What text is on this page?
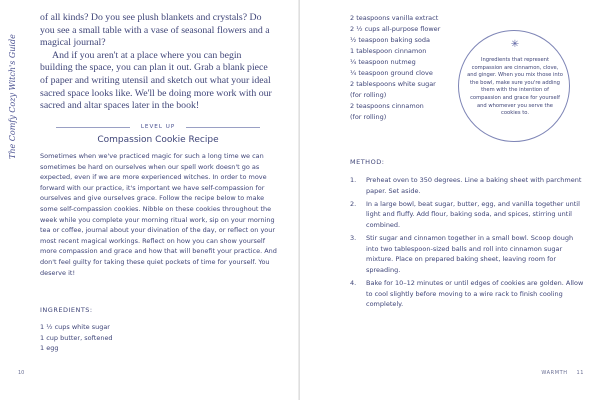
The Comfy Cozy Witch's Guide

of all kinds? Do you see plush blankets and crystals? Do you see a small table with a vase of seasonal flowers and a magical journal?

And if you aren't at a place where you can begin building the space, you can plan it out. Grab a blank piece of paper and writing utensil and sketch out what your ideal sacred space looks like. We'll be doing more work with our sacred and altar spaces later in the book!

LEVEL UP
Compassion Cookie Recipe
Sometimes when we've practiced magic for such a long time we can sometimes be hard on ourselves when our spell work doesn't go as expected, even if we are more experienced witches. In order to move forward with our practice, it's important we have self-compassion for ourselves and give ourselves grace. Follow the recipe below to make some self-compassion cookies. Nibble on these cookies throughout the week while you complete your morning ritual work, sip on your morning tea or coffee, journal about your divination of the day, or reflect on your most recent magical workings. Reflect on how you can show yourself more compassion and grace and how that will benefit your practice. And don't feel guilty for taking these quiet pockets of time for yourself. You deserve it!
INGREDIENTS:
1 ½ cups white sugar
1 cup butter, softened
1 egg
10	WARMTH 11
2 teaspoons vanilla extract
2 ½ cups all-purpose flower
½ teaspoon baking soda
1 tablespoon cinnamon
¼ teaspoon nutmeg
¼ teaspoon ground clove
2 tablespoons white sugar
(for rolling)
2 teaspoons cinnamon
(for rolling)
✳
Ingredients that represent compassion are cinnamon, clove, and ginger. When you mix those into the bowl, make sure you're adding them with the intention of compassion and grace for yourself and whomever you serve the cookies to.
METHOD:
1. Preheat oven to 350 degrees. Line a baking sheet with parchment paper. Set aside.
2. In a large bowl, beat sugar, butter, egg, and vanilla together until light and fluffy. Add flour, baking soda, and spices, stirring until combined.
3. Stir sugar and cinnamon together in a small bowl. Scoop dough into two tablespoon-sized balls and roll into cinnamon sugar mixture. Place on prepared baking sheet, leaving room for spreading.
4. Bake for 10–12 minutes or until edges of cookies are golden. Allow to cool slightly before moving to a wire rack to finish cooling completely.
